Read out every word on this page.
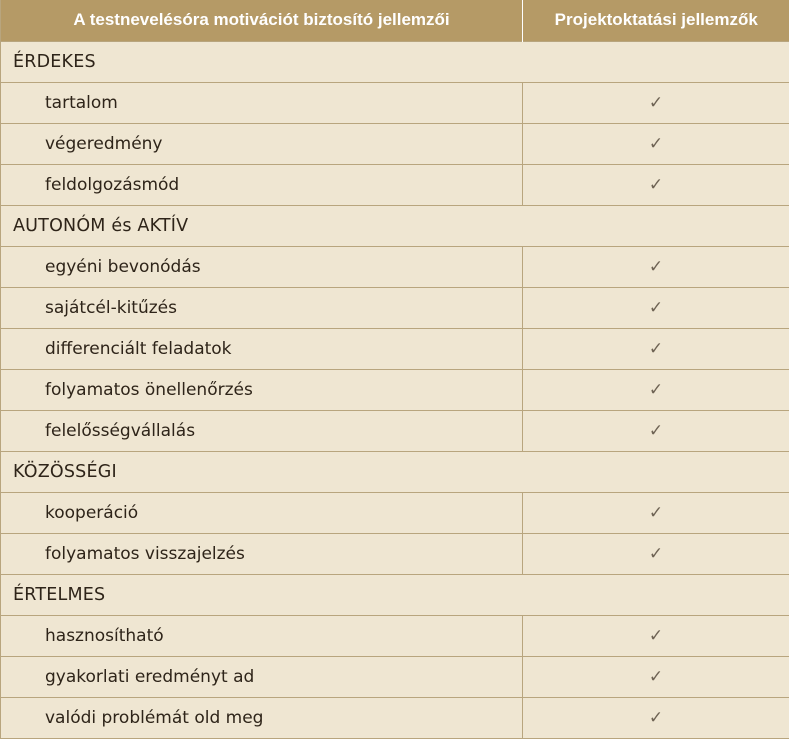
A testnevelésóra motivációt biztosító jellemzői	Projektoktatási jellemzők
ÉRDEKES	
tartalom	✓
végeredmény	✓
feldolgozásmód	✓
AUTONÓM és AKTÍV	
egyéni bevonódás	✓
sajátcél-kitűzés	✓
differenciált feladatok	✓
folyamatos önellenőrzés	✓
felelősségvállalás	✓
KÖZÖSSÉGI	
kooperáció	✓
folyamatos visszajelzés	✓
ÉRTELMES	
hasznosítható	✓
gyakorlati eredményt ad	✓
valódi problémát old meg	✓
